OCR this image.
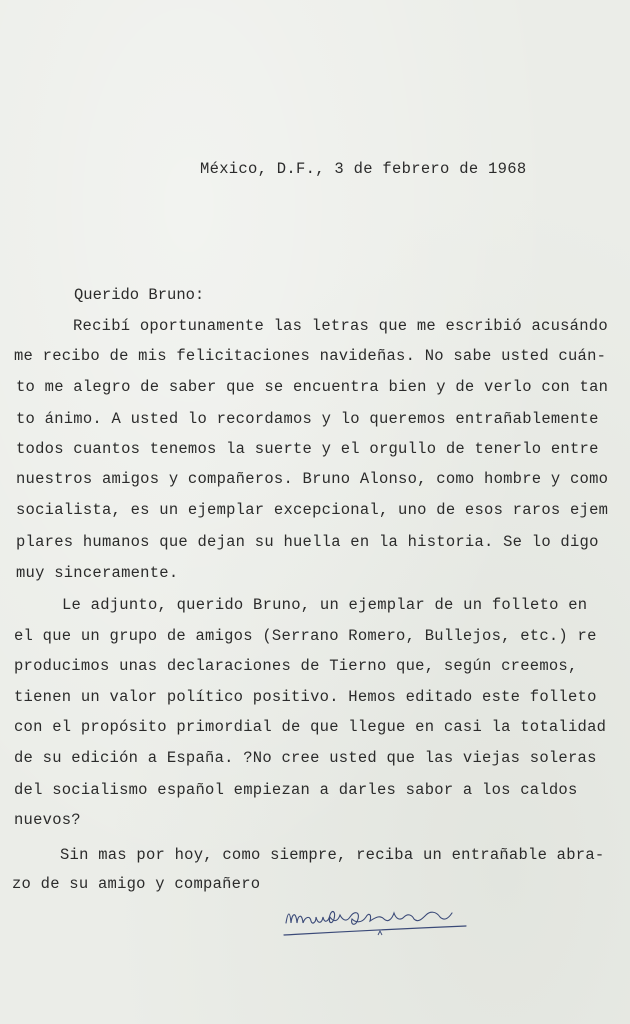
México, D.F., 3 de febrero de 1968
Querido Bruno:
Recibí oportunamente las letras que me escribió acusándo
me recibo de mis felicitaciones navideñas. No sabe usted cuán-
to me alegro de saber que se encuentra bien y de verlo con tan
to ánimo. A usted lo recordamos y lo queremos entrañablemente
todos cuantos tenemos la suerte y el orgullo de tenerlo entre
nuestros amigos y compañeros. Bruno Alonso, como hombre y como
socialista, es un ejemplar excepcional, uno de esos raros ejem
plares humanos que dejan su huella en la historia. Se lo digo
muy sinceramente.
Le adjunto, querido Bruno, un ejemplar de un folleto en
el que un grupo de amigos (Serrano Romero, Bullejos, etc.) re
producimos unas declaraciones de Tierno que, según creemos,
tienen un valor político positivo. Hemos editado este folleto
con el propósito primordial de que llegue en casi la totalidad
de su edición a España. ?No cree usted que las viejas soleras
del socialismo español empiezan a darles sabor a los caldos
nuevos?
Sin mas por hoy, como siempre, reciba un entrañable abra-
zo de su amigo y compañero
